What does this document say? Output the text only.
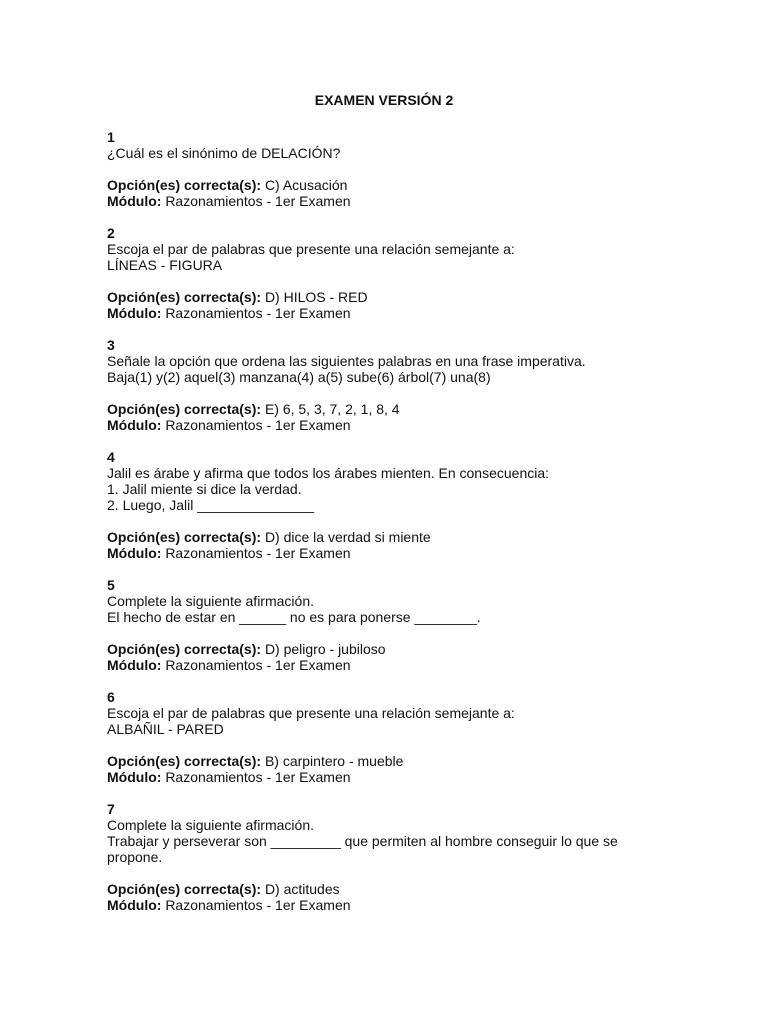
EXAMEN VERSIÓN 2
1
¿Cuál es el sinónimo de DELACIÓN?
Opción(es) correcta(s): C) Acusación
Módulo: Razonamientos - 1er Examen
2
Escoja el par de palabras que presente una relación semejante a:
LÍNEAS - FIGURA
Opción(es) correcta(s): D) HILOS - RED
Módulo: Razonamientos - 1er Examen
3
Señale la opción que ordena las siguientes palabras en una frase imperativa.
Baja(1) y(2) aquel(3) manzana(4) a(5) sube(6) árbol(7) una(8)
Opción(es) correcta(s): E) 6, 5, 3, 7, 2, 1, 8, 4
Módulo: Razonamientos - 1er Examen
4
Jalil es árabe y afirma que todos los árabes mienten. En consecuencia:
1. Jalil miente si dice la verdad.
2. Luego, Jalil _______________
Opción(es) correcta(s): D) dice la verdad si miente
Módulo: Razonamientos - 1er Examen
5
Complete la siguiente afirmación.
El hecho de estar en ______ no es para ponerse ________.
Opción(es) correcta(s): D) peligro - jubiloso
Módulo: Razonamientos - 1er Examen
6
Escoja el par de palabras que presente una relación semejante a:
ALBAÑIL - PARED
Opción(es) correcta(s): B) carpintero - mueble
Módulo: Razonamientos - 1er Examen
7
Complete la siguiente afirmación.
Trabajar y perseverar son _________ que permiten al hombre conseguir lo que se
propone.
Opción(es) correcta(s): D) actitudes
Módulo: Razonamientos - 1er Examen
